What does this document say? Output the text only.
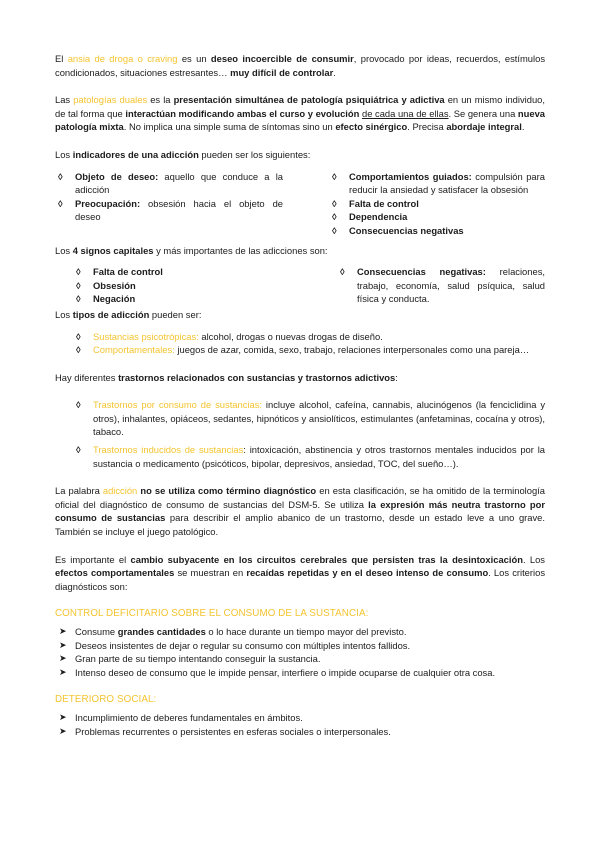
El ansia de droga o craving es un deseo incoercible de consumir, provocado por ideas, recuerdos, estímulos condicionados, situaciones estresantes… muy difícil de controlar.

Las patologías duales es la presentación simultánea de patología psiquiátrica y adictiva en un mismo individuo, de tal forma que interactúan modificando ambas el curso y evolución de cada una de ellas. Se genera una nueva patología mixta. No implica una simple suma de síntomas sino un efecto sinérgico. Precisa abordaje integral.

Los indicadores de una adicción pueden ser los siguientes:

◊ Objeto de deseo: aquello que conduce a la adicción
◊ Preocupación: obsesión hacia el objeto de deseo
◊ Comportamientos guiados: compulsión para reducir la ansiedad y satisfacer la obsesión
◊ Falta de control
◊ Dependencia
◊ Consecuencias negativas

Los 4 signos capitales y más importantes de las adicciones son:

◊ Falta de control
◊ Obsesión
◊ Negación
◊ Consecuencias negativas: relaciones, trabajo, economía, salud psíquica, salud física y conducta.

Los tipos de adicción pueden ser:

◊ Sustancias psicotrópicas: alcohol, drogas o nuevas drogas de diseño.
◊ Comportamentales: juegos de azar, comida, sexo, trabajo, relaciones interpersonales como una pareja…

Hay diferentes trastornos relacionados con sustancias y trastornos adictivos:

◊ Trastornos por consumo de sustancias: incluye alcohol, cafeína, cannabis, alucinógenos (la fenciclidina y otros), inhalantes, opiáceos, sedantes, hipnóticos y ansiolíticos, estimulantes (anfetaminas, cocaína y otros), tabaco.
◊ Trastornos inducidos de sustancias: intoxicación, abstinencia y otros trastornos mentales inducidos por la sustancia o medicamento (psicóticos, bipolar, depresivos, ansiedad, TOC, del sueño…).

La palabra adicción no se utiliza como término diagnóstico en esta clasificación, se ha omitido de la terminología oficial del diagnóstico de consumo de sustancias del DSM-5. Se utiliza la expresión más neutra trastorno por consumo de sustancias para describir el amplio abanico de un trastorno, desde un estado leve a uno grave. También se incluye el juego patológico.

Es importante el cambio subyacente en los circuitos cerebrales que persisten tras la desintoxicación. Los efectos comportamentales se muestran en recaídas repetidas y en el deseo intenso de consumo. Los criterios diagnósticos son:

CONTROL DEFICITARIO SOBRE EL CONSUMO DE LA SUSTANCIA:
➤ Consume grandes cantidades o lo hace durante un tiempo mayor del previsto.
➤ Deseos insistentes de dejar o regular su consumo con múltiples intentos fallidos.
➤ Gran parte de su tiempo intentando conseguir la sustancia.
➤ Intenso deseo de consumo que le impide pensar, interfiere o impide ocuparse de cualquier otra cosa.
DETERIORO SOCIAL:
➤ Incumplimiento de deberes fundamentales en ámbitos.
➤ Problemas recurrentes o persistentes en esferas sociales o interpersonales.
